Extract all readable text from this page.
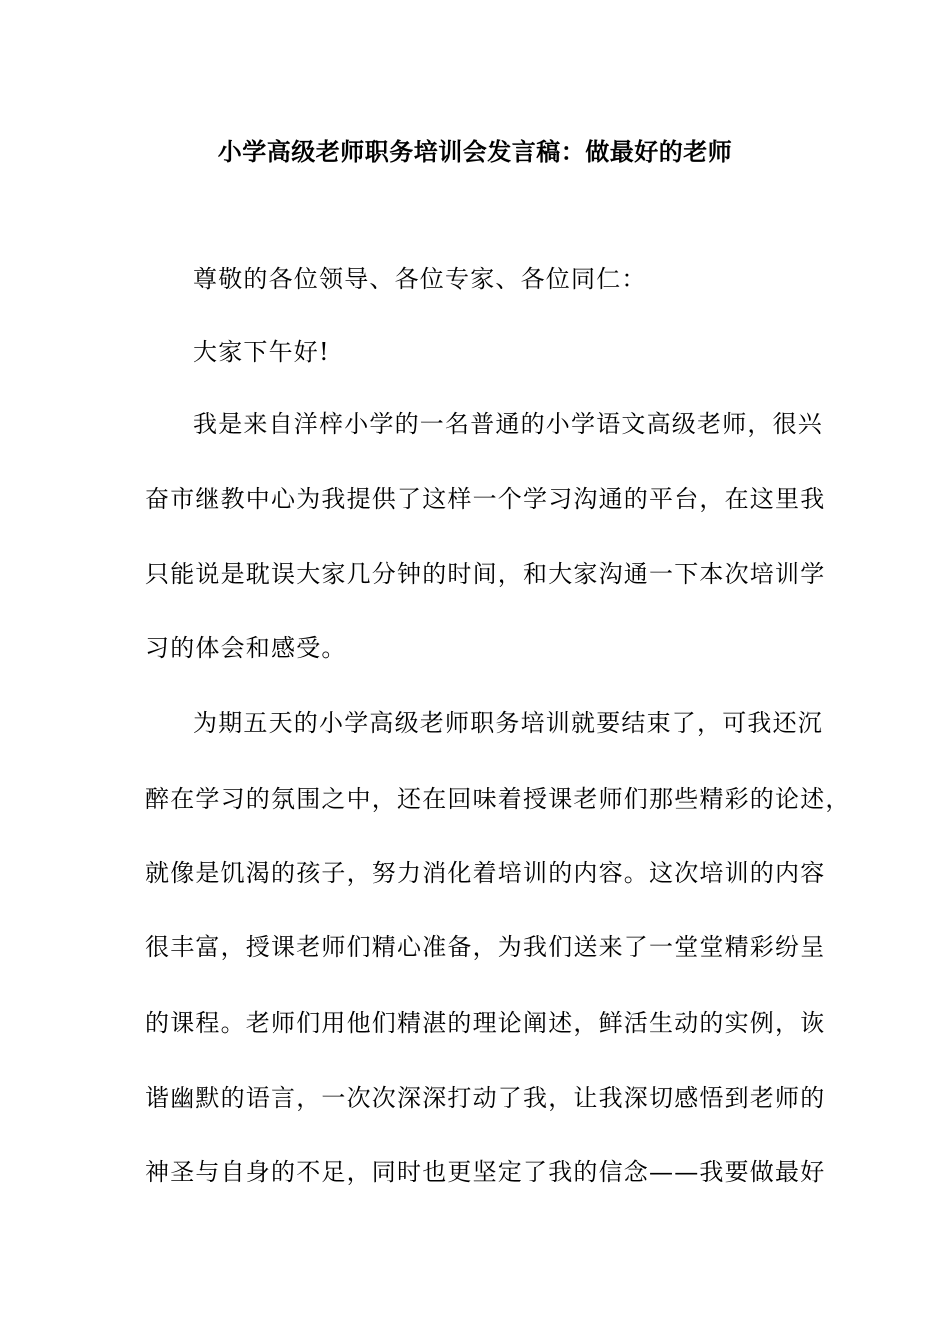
小学高级老师职务培训会发言稿：做最好的老师
尊敬的各位领导、各位专家、各位同仁：
大家下午好!
我是来自洋梓小学的一名普通的小学语文高级老师，很兴
奋市继教中心为我提供了这样一个学习沟通的平台，在这里我
只能说是耽误大家几分钟的时间，和大家沟通一下本次培训学
习的体会和感受。
为期五天的小学高级老师职务培训就要结束了，可我还沉
醉在学习的氛围之中，还在回味着授课老师们那些精彩的论述，
就像是饥渴的孩子，努力消化着培训的内容。这次培训的内容
很丰富，授课老师们精心准备，为我们送来了一堂堂精彩纷呈
的课程。老师们用他们精湛的理论阐述，鲜活生动的实例，诙
谐幽默的语言，一次次深深打动了我，让我深切感悟到老师的
神圣与自身的不足，同时也更坚定了我的信念——我要做最好
